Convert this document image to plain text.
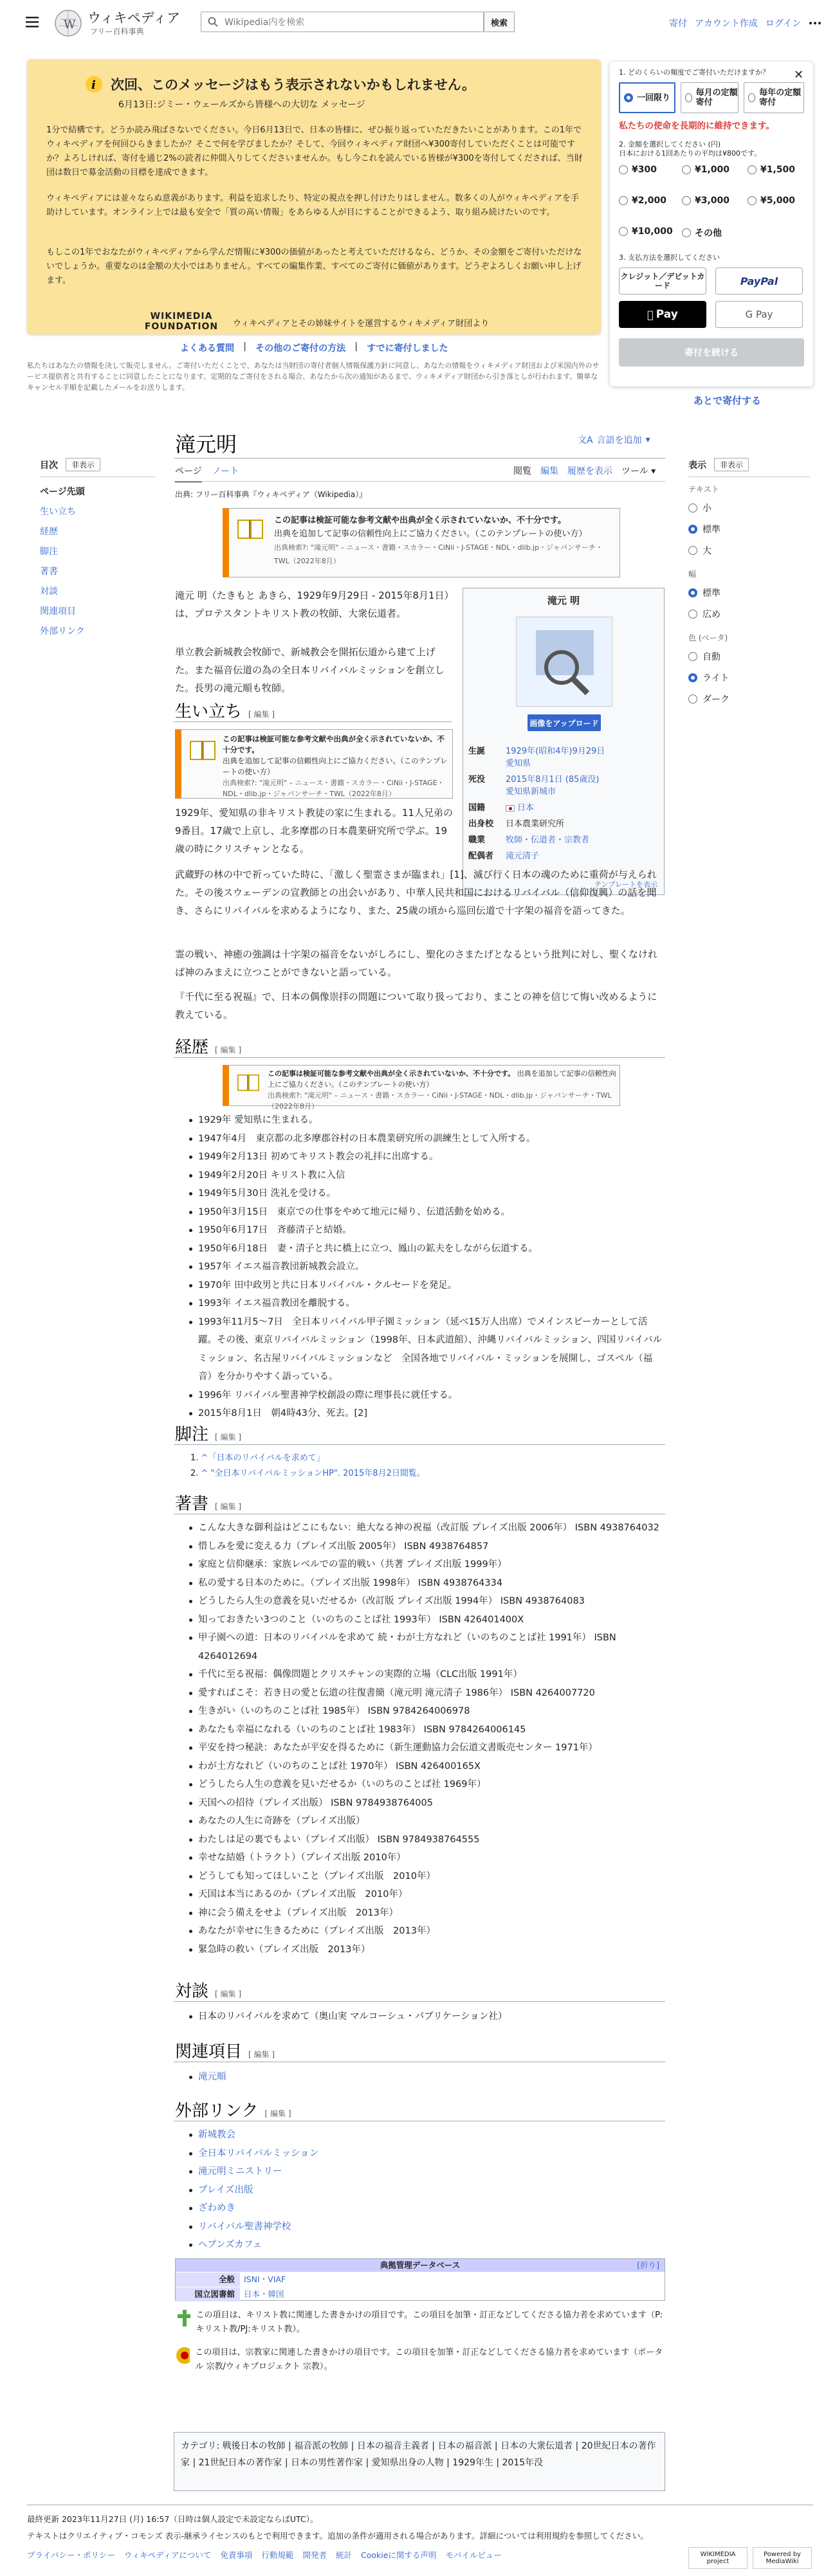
W ウィキペディア
フリー百科事典
Wikipedia内を検索	検索	寄付 アカウント作成 ログイン
i 次回、このメッセージはもう表示されないかもしれません。
6月13日:ジミー・ウェールズから皆様への大切な メッセージ
1分で結構です。どうか読み飛ばさないでください。今日6月13日で、日本の皆様に、ぜひ振り返っていただきたいことがあります。この1年でウィキペディアを何回ひらきましたか？そこで何を学びましたか？そして、今回ウィキペディア財団へ¥300寄付していただくことは可能ですか？よろしければ、寄付を通じ2%の読者に仲間入りしてくださいませんか。もし今これを読んでいる皆様が¥300を寄付してくだされば、当財団は数日で募金活動の目標を達成できます。
ウィキペディアには並々ならぬ意義があります。利益を追求したり、特定の視点を押し付けたりはしません。数多くの人がウィキペディアを手助けしています。オンライン上では最も安全で「質の高い情報」をあらゆる人が目にすることができるよう、取り組み続けたいのです。
もしこの1年でおなたがウィキペディアから学んだ情報に¥300の価値があったと考えていただけるなら、どうか、その金額をご寄付いただけないでしょうか。重要なのは金額の大小ではありません。すべての編集作業、すべてのご寄付に価値があります。どうぞよろしくお願い申し上げます。
WIKIMEDIA FOUNDATION ウィキペディアとその姉妹サイトを運営するウィキメディア財団より
よくある質問 | その他のご寄付の方法 | すでに寄付しました
私たちはあなたの情報を決して販売しません。ご寄付いただくことで、あなたは当財団の寄付者個人情報保護方針に同意し、あなたの情報をウィキメディア財団および米国内外のサービス提供者と共有することに同意したことになります。定期的なご寄付をされる場合、あなたから次の通知があるまで、ウィキメディア財団から引き落としが行われます。簡単なキャンセル手順を記載したメールをお送りします。
✕
1. どのくらいの頻度でご寄付いただけますか？
一回限り	毎月の定額寄付
毎年の定額寄付
私たちの使命を長期的に維持できます。
2. 金額を選択してください (円)
日本における1回あたりの平均は¥800です。
¥300	¥1,000	¥1,500
¥2,000	¥3,000	¥5,000
¥10,000 その他
3. 支払方法を選択してください
クレジット／デビットカード	PayPal
Pay	G Pay
寄付を続ける
あとで寄付する
目次	非表示
ページ先頭
生い立ち
経歴
脚注
著書
対談
関連項目
外部リンク
表示	非表示
テキスト
小
標準
大
幅
標準
広め
色 (ベータ)
自動
ライト
ダーク
滝元明	文A 言語を追加 ▾
ページ ノート	閲覧 編集 履歴を表示 ツール ▾
出典: フリー百科事典『ウィキペディア（Wikipedia）』
この記事は検証可能な参考文献や出典が全く示されていないか、不十分です。
出典を追加して記事の信頼性向上にご協力ください。（このテンプレートの使い方）
出典検索?: "滝元明" – ニュース・書籍・スカラー・CiNii・J-STAGE・NDL・dlib.jp・ジャパンサーチ・TWL（2022年8月）
滝元 明（たきもと あきら、1929年9月29日 - 2015年8月1日）は、プロテスタントキリスト教の牧師、大衆伝道者。
単立教会新城教会牧師で、新城教会を開拓伝道から建て上げた。また福音伝道の為の全日本リバイバルミッションを創立した。長男の滝元順も牧師。
滝元 明
画像をアップロード
生誕	1929年(昭和4年)9月29日
愛知県
死没	2015年8月1日 (85歳没)
愛知県新城市
国籍	日本
出身校	日本農業研究所
職業	牧師・伝道者・宗教者
配偶者	滝元清子
テンプレートを表示
生い立ち [ 編集 ]
この記事は検証可能な参考文献や出典が全く示されていないか、不十分です。
出典を追加して記事の信頼性向上にご協力ください。（このテンプレートの使い方）
出典検索?: "滝元明" – ニュース・書籍・スカラー・CiNii・J-STAGE・NDL・dlib.jp・ジャパンサーチ・TWL（2022年8月）
1929年、愛知県の非キリスト教徒の家に生まれる。11人兄弟の9番目。17歳で上京し、北多摩郡の日本農業研究所で学ぶ。19歳の時にクリスチャンとなる。
武蔵野の林の中で祈っていた時に、「激しく聖霊さまが臨まれ」[1]、滅び行く日本の魂のために重荷が与えられた。その後スウェーデンの宣教師との出会いがあり、中華人民共和国におけるリバイバル（信仰復興）の話を聞き、さらにリバイバルを求めるようになり、また、25歳の頃から巡回伝道で十字架の福音を語ってきた。
霊の戦い、神癒の強調は十字架の福音をないがしろにし、聖化のさまたげとなるという批判に対し、聖くなければ神のみまえに立つことができないと語っている。
『千代に至る祝福』で、日本の偶像崇拝の問題について取り扱っており、まことの神を信じて悔い改めるように教えている。
経歴 [ 編集 ]
この記事は検証可能な参考文献や出典が全く示されていないか、不十分です。 出典を追加して記事の信頼性向上にご協力ください。（このテンプレートの使い方）
出典検索?: "滝元明" – ニュース・書籍・スカラー・CiNii・J-STAGE・NDL・dlib.jp・ジャパンサーチ・TWL（2022年8月）
1929年 愛知県に生まれる。
1947年4月　東京都の北多摩郡谷村の日本農業研究所の訓練生として入所する。
1949年2月13日 初めてキリスト教会の礼拝に出席する。
1949年2月20日 キリスト教に入信
1949年5月30日 洗礼を受ける。
1950年3月15日　東京での仕事をやめて地元に帰り、伝道活動を始める。
1950年6月17日　斉藤清子と結婚。
1950年6月18日　妻・清子と共に橋上に立つ、鳳山の鉱夫をしながら伝道する。
1957年 イエス福音教団新城教会設立。
1970年 田中政男と共に日本リバイバル・クルセードを発足。
1993年 イエス福音教団を離脱する。
1993年11月5〜7日　全日本リバイバル甲子園ミッション（延べ15万人出席）でメインスピーカーとして活躍。その後、東京リバイバルミッション（1998年、日本武道館）、沖縄リバイバルミッション、四国リバイバルミッション、名古屋リバイバルミッションなど　全国各地でリバイバル・ミッションを展開し、ゴスペル（福音）を分かりやすく語っている。
1996年 リバイバル聖書神学校創設の際に理事長に就任する。
2015年8月1日　朝4時43分、死去。[2]
脚注 [ 編集 ]
1. ^「日本のリバイバルを求めて」
2. ^ "全日本リバイバルミッションHP". 2015年8月2日閲覧。
著書 [ 編集 ]
こんな大きな御利益はどこにもない：絶大なる神の祝福（改訂版 プレイズ出版 2006年） ISBN 4938764032
惜しみを愛に変える力（プレイズ出版 2005年） ISBN 4938764857
家庭と信仰継承：家族レベルでの霊的戦い（共著 プレイズ出版 1999年）
私の愛する日本のために。（プレイズ出版 1998年） ISBN 4938764334
どうしたら人生の意義を見いだせるか（改訂版 プレイズ出版 1994年） ISBN 4938764083
知っておきたい3つのこと（いのちのことば社 1993年） ISBN 426401400X
甲子園への道：日本のリバイバルを求めて 続・わが土方なれど（いのちのことば社 1991年） ISBN 4264012694
千代に至る祝福：偶像問題とクリスチャンの実際的立場（CLC出版 1991年）
愛すればこそ：若き日の愛と伝道の往復書簡（滝元明 滝元清子 1986年） ISBN 4264007720
生きがい（いのちのことば社 1985年） ISBN 9784264006978
あなたも幸福になれる（いのちのことば社 1983年） ISBN 9784264006145
平安を持つ秘訣：あなたが平安を得るために（新生運動協力会伝道文書販売センター 1971年）
わが土方なれど（いのちのことば社 1970年） ISBN 426400165X
どうしたら人生の意義を見いだせるか（いのちのことば社 1969年）
天国への招待（プレイズ出版） ISBN 9784938764005
あなたの人生に奇跡を（プレイズ出版）
わたしは足の裏でもよい（プレイズ出版） ISBN 9784938764555
幸せな結婚（トラクト）（プレイズ出版 2010年）
どうしても知ってほしいこと（プレイズ出版　2010年）
天国は本当にあるのか（プレイズ出版　2010年）
神に会う備えをせよ（プレイズ出版　2013年）
あなたが幸せに生きるために（プレイズ出版　2013年）
緊急時の救い（プレイズ出版　2013年）
対談 [ 編集 ]
日本のリバイバルを求めて（奥山実 マルコーシュ・パブリケーション社）
関連項目 [ 編集 ]
滝元順
外部リンク [ 編集 ]
新城教会
全日本リバイバルミッション
滝元明ミニストリー
プレイズ出版
ざわめき
リバイバル聖書神学校
ヘブンズカフェ
典拠管理データベース	[折り]
全般	ISNI・VIAF
国立図書館	日本・韓国
この項目は、キリスト教に関連した書きかけの項目です。この項目を加筆・訂正などしてくださる協力者を求めています（P:キリスト教/PJ:キリスト教）。
この項目は、宗教家に関連した書きかけの項目です。この項目を加筆・訂正などしてくださる協力者を求めています（ポータル 宗教/ウィキプロジェクト 宗教）。
カテゴリ: 戦後日本の牧師 | 福音派の牧師 | 日本の福音主義者 | 日本の福音派 | 日本の大衆伝道者 | 20世紀日本の著作家 | 21世紀日本の著作家 | 日本の男性著作家 | 愛知県出身の人物 | 1929年生 | 2015年没
最終更新 2023年11月27日 (月) 16:57（日時は個人設定で未設定ならばUTC）。
テキストはクリエイティブ・コモンズ 表示-継承ライセンスのもとで利用できます。追加の条件が適用される場合があります。詳細については利用規約を参照してください。
プライバシー・ポリシー ウィキペディアについて 免責事項 行動規範 開発者 統計 Cookieに関する声明 モバイルビュー	WIKIMEDIA project
Powered by MediaWiki
